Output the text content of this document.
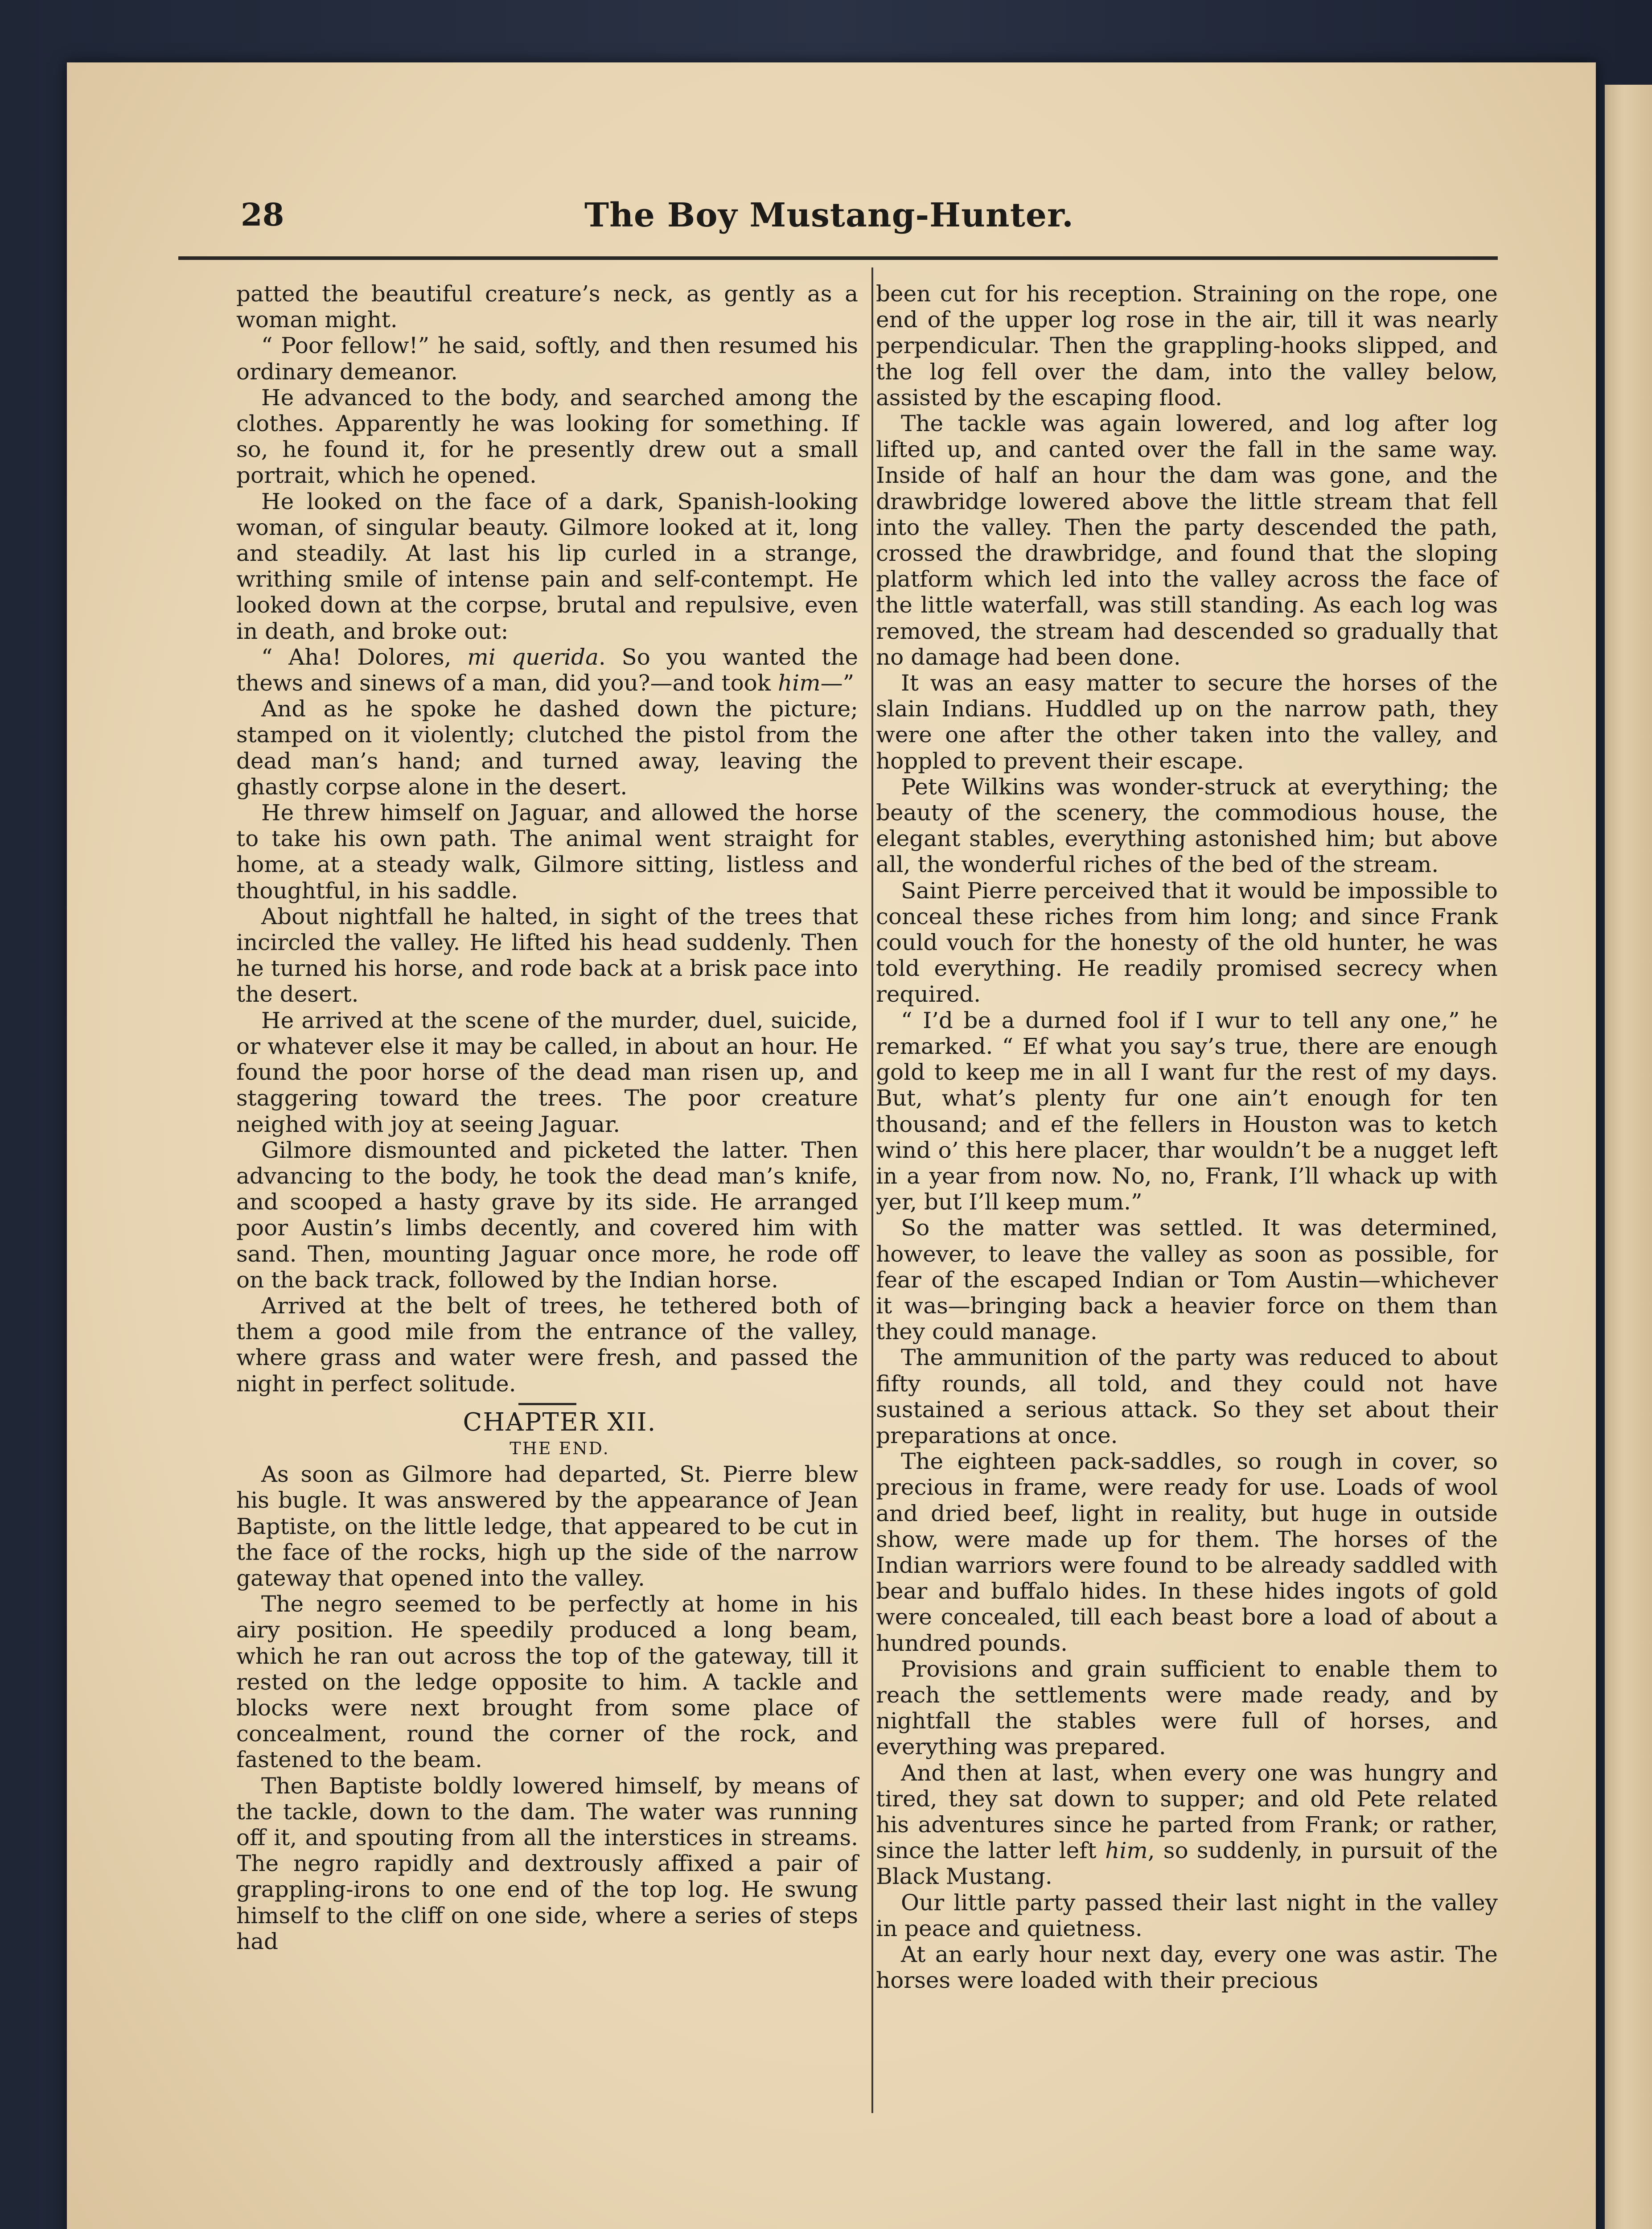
28	The Boy Mustang-Hunter.

patted the beautiful creature’s neck, as gently as a woman might.

“ Poor fellow!” he said, softly, and then resumed his ordinary demeanor.

He advanced to the body, and searched among the clothes. Apparently he was looking for something. If so, he found it, for he presently drew out a small portrait, which he opened.

He looked on the face of a dark, Spanish-looking woman, of singular beauty. Gilmore looked at it, long and steadily. At last his lip curled in a strange, writhing smile of intense pain and self-contempt. He looked down at the corpse, brutal and repulsive, even in death, and broke out:

“ Aha! Dolores, mi querida. So you wanted the thews and sinews of a man, did you?—and took him—”

And as he spoke he dashed down the picture; stamped on it violently; clutched the pistol from the dead man’s hand; and turned away, leaving the ghastly corpse alone in the desert.

He threw himself on Jaguar, and allowed the horse to take his own path. The animal went straight for home, at a steady walk, Gilmore sitting, listless and thoughtful, in his saddle.

About nightfall he halted, in sight of the trees that incircled the valley. He lifted his head suddenly. Then he turned his horse, and rode back at a brisk pace into the desert.

He arrived at the scene of the murder, duel, suicide, or whatever else it may be called, in about an hour. He found the poor horse of the dead man risen up, and staggering toward the trees. The poor creature neighed with joy at seeing Jaguar.

Gilmore dismounted and picketed the latter. Then advancing to the body, he took the dead man’s knife, and scooped a hasty grave by its side. He arranged poor Austin’s limbs decently, and covered him with sand. Then, mounting Jaguar once more, he rode off on the back track, followed by the Indian horse.

Arrived at the belt of trees, he tethered both of them a good mile from the entrance of the valley, where grass and water were fresh, and passed the night in perfect solitude.

CHAPTER XII.

THE END.

As soon as Gilmore had departed, St. Pierre blew his bugle. It was answered by the appearance of Jean Baptiste, on the little ledge, that appeared to be cut in the face of the rocks, high up the side of the narrow gateway that opened into the valley.

The negro seemed to be perfectly at home in his airy position. He speedily produced a long beam, which he ran out across the top of the gateway, till it rested on the ledge opposite to him. A tackle and blocks were next brought from some place of concealment, round the corner of the rock, and fastened to the beam.

Then Baptiste boldly lowered himself, by means of the tackle, down to the dam. The water was running off it, and spouting from all the interstices in streams. The negro rapidly and dextrously affixed a pair of grappling-irons to one end of the top log. He swung himself to the cliff on one side, where a series of steps had

been cut for his reception. Straining on the rope, one end of the upper log rose in the air, till it was nearly perpendicular. Then the grappling-hooks slipped, and the log fell over the dam, into the valley below, assisted by the escaping flood.

The tackle was again lowered, and log after log lifted up, and canted over the fall in the same way. Inside of half an hour the dam was gone, and the drawbridge lowered above the little stream that fell into the valley. Then the party descended the path, crossed the drawbridge, and found that the sloping platform which led into the valley across the face of the little waterfall, was still standing. As each log was removed, the stream had descended so gradually that no damage had been done.

It was an easy matter to secure the horses of the slain Indians. Huddled up on the narrow path, they were one after the other taken into the valley, and hoppled to prevent their escape.

Pete Wilkins was wonder-struck at everything; the beauty of the scenery, the commodious house, the elegant stables, everything astonished him; but above all, the wonderful riches of the bed of the stream.

Saint Pierre perceived that it would be impossible to conceal these riches from him long; and since Frank could vouch for the honesty of the old hunter, he was told everything. He readily promised secrecy when required.

“ I’d be a durned fool if I wur to tell any one,” he remarked. “ Ef what you say’s true, there are enough gold to keep me in all I want fur the rest of my days. But, what’s plenty fur one ain’t enough for ten thousand; and ef the fellers in Houston was to ketch wind o’ this here placer, thar wouldn’t be a nugget left in a year from now. No, no, Frank, I’ll whack up with yer, but I’ll keep mum.”

So the matter was settled. It was determined, however, to leave the valley as soon as possible, for fear of the escaped Indian or Tom Austin—whichever it was—bringing back a heavier force on them than they could manage.

The ammunition of the party was reduced to about fifty rounds, all told, and they could not have sustained a serious attack. So they set about their preparations at once.

The eighteen pack-saddles, so rough in cover, so precious in frame, were ready for use. Loads of wool and dried beef, light in reality, but huge in outside show, were made up for them. The horses of the Indian warriors were found to be already saddled with bear and buffalo hides. In these hides ingots of gold were concealed, till each beast bore a load of about a hundred pounds.

Provisions and grain sufficient to enable them to reach the settlements were made ready, and by nightfall the stables were full of horses, and everything was prepared.

And then at last, when every one was hungry and tired, they sat down to supper; and old Pete related his adventures since he parted from Frank; or rather, since the latter left him, so suddenly, in pursuit of the Black Mustang.

Our little party passed their last night in the valley in peace and quietness.

At an early hour next day, every one was astir. The horses were loaded with their precious
